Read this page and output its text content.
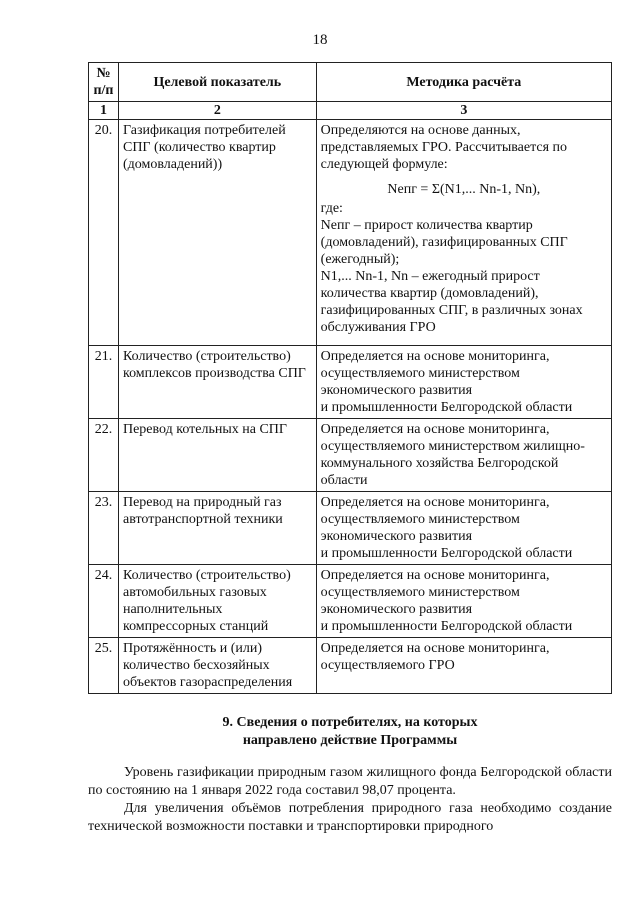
18
№
п/п	Целевой показатель	Методика расчёта
1	2	3
20.	Газификация потребителей СПГ (количество квартир (домовладений))	Определяются на основе данных, представляемых ГРО. Рассчитывается по следующей формуле:
Nепг = Σ(N1,... Nn-1, Nn),
где:
Nепг – прирост количества квартир (домовладений), газифицированных СПГ (ежегодный);
N1,... Nn-1, Nn – ежегодный прирост количества квартир (домовладений), газифицированных СПГ, в различных зонах обслуживания ГРО

21.	Количество (строительство) комплексов производства СПГ	Определяется на основе мониторинга, осуществляемого министерством экономического развития
и промышленности Белгородской области
22.	Перевод котельных на СПГ	Определяется на основе мониторинга, осуществляемого министерством жилищно-коммунального хозяйства Белгородской области
23.	Перевод на природный газ автотранспортной техники	Определяется на основе мониторинга, осуществляемого министерством экономического развития
и промышленности Белгородской области
24.	Количество (строительство) автомобильных газовых наполнительных компрессорных станций	Определяется на основе мониторинга, осуществляемого министерством экономического развития
и промышленности Белгородской области
25.	Протяжённость и (или) количество бесхозяйных объектов газораспределения	Определяется на основе мониторинга, осуществляемого ГРО
9. Сведения о потребителях, на которых
направлено действие Программы
Уровень газификации природным газом жилищного фонда Белгородской области по состоянию на 1 января 2022 года составил 98,07 процента.
Для увеличения объёмов потребления природного газа необходимо создание технической возможности поставки и транспортировки природного
